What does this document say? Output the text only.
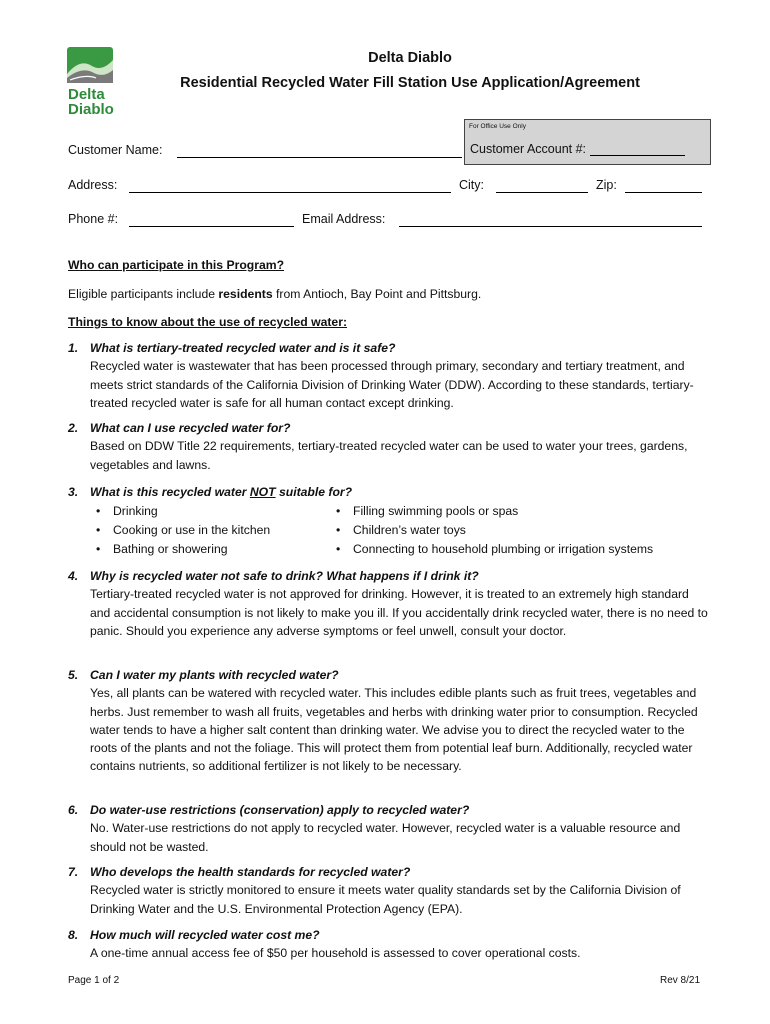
Delta
Diablo
Delta Diablo
Residential Recycled Water Fill Station Use Application/Agreement
For Office Use Only
Customer Account #:
Customer Name:
Address:	City:	Zip:
Phone #:	Email Address:
Who can participate in this Program?
Eligible participants include residents from Antioch, Bay Point and Pittsburg.
Things to know about the use of recycled water:
1. What is tertiary-treated recycled water and is it safe?
Recycled water is wastewater that has been processed through primary, secondary and tertiary treatment, and meets strict standards of the California Division of Drinking Water (DDW). According to these standards, tertiary-treated recycled water is safe for all human contact except drinking.
2. What can I use recycled water for?
Based on DDW Title 22 requirements, tertiary-treated recycled water can be used to water your trees, gardens, vegetables and lawns.
3. What is this recycled water NOT suitable for?
• Drinking
• Cooking or use in the kitchen
• Bathing or showering
• Filling swimming pools or spas
• Children’s water toys
• Connecting to household plumbing or irrigation systems
4. Why is recycled water not safe to drink? What happens if I drink it?
Tertiary-treated recycled water is not approved for drinking. However, it is treated to an extremely high standard and accidental consumption is not likely to make you ill. If you accidentally drink recycled water, there is no need to panic. Should you experience any adverse symptoms or feel unwell, consult your doctor.
5. Can I water my plants with recycled water?
Yes, all plants can be watered with recycled water. This includes edible plants such as fruit trees, vegetables and herbs. Just remember to wash all fruits, vegetables and herbs with drinking water prior to consumption. Recycled water tends to have a higher salt content than drinking water. We advise you to direct the recycled water to the roots of the plants and not the foliage. This will protect them from potential leaf burn. Additionally, recycled water contains nutrients, so additional fertilizer is not likely to be necessary.
6. Do water-use restrictions (conservation) apply to recycled water?
No. Water-use restrictions do not apply to recycled water. However, recycled water is a valuable resource and should not be wasted.
7. Who develops the health standards for recycled water?
Recycled water is strictly monitored to ensure it meets water quality standards set by the California Division of Drinking Water and the U.S. Environmental Protection Agency (EPA).
8. How much will recycled water cost me?
A one-time annual access fee of $50 per household is assessed to cover operational costs.
Page 1 of 2	Rev 8/21
